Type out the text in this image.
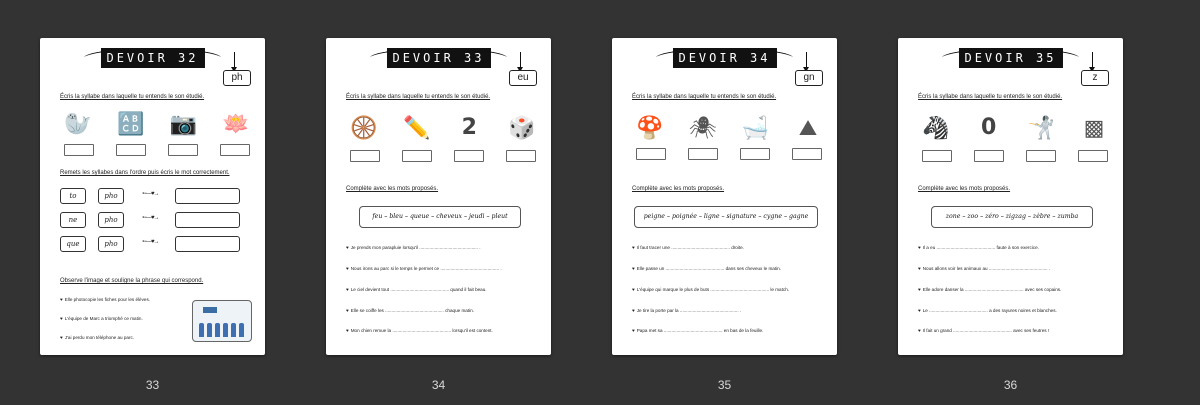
DEVOIR 32
ph
Écris la syllabe dans laquelle tu entends le son étudié.
🦭 🔠 📷 🪷
Remets les syllabes dans l'ordre puis écris le mot correctement.
to	pho	➳—♥→
ne	pho	➳—♥→
que	pho	➳—♥→
Observe l'image et souligne la phrase qui correspond.
♥ Elle photocopie les fiches pour les élèves.
♥ L'équipe de Marc a triomphé ce matin.
♥ J'ai perdu mon téléphone au parc.
33
DEVOIR 33
eu
Écris la syllabe dans laquelle tu entends le son étudié.
🛞 ✏️	2	🎲
Complète avec les mots proposés.
feu – bleu – queue – cheveux – jeudi – pleut
♥ Je prends mon parapluie lorsqu'il .............................................. .
♥ Nous irons au parc si le temps le permet ce .............................................. .
♥ Le ciel devient tout .............................................. quand il fait beau.
♥ Elle se coiffe les .............................................. chaque matin.
♥ Mon chien remue la .............................................. lorsqu'il est content.
34
DEVOIR 34
gn
Écris la syllabe dans laquelle tu entends le son étudié.
🍄 🕷 🛁	⛰
Complète avec les mots proposés.
peigne – poignée – ligne – signature – cygne – gagne
♥ Il faut tracer une .............................................. droite.
♥ Elle passe un .............................................. dans ses cheveux le matin.
♥ L'équipe qui marque le plus de buts .............................................. le match.
♥ Je tire la porte par la .............................................. .
♥ Papa met sa .............................................. en bas de la feuille.
35
DEVOIR 35
z
Écris la syllabe dans laquelle tu entends le son étudié.
🦓	0	🤺 ▩
Complète avec les mots proposés.
zone – zoo – zéro – zigzag – zèbre – zumba
♥ Il a eu .............................................. faute à son exercice.
♥ Nous allons voir les animaux au .............................................. .
♥ Elle adore danser la .............................................. avec ses copains.
♥ Le .............................................. a des rayures noires et blanches.
♥ Il fait un grand .............................................. avec ses feutres !
36
